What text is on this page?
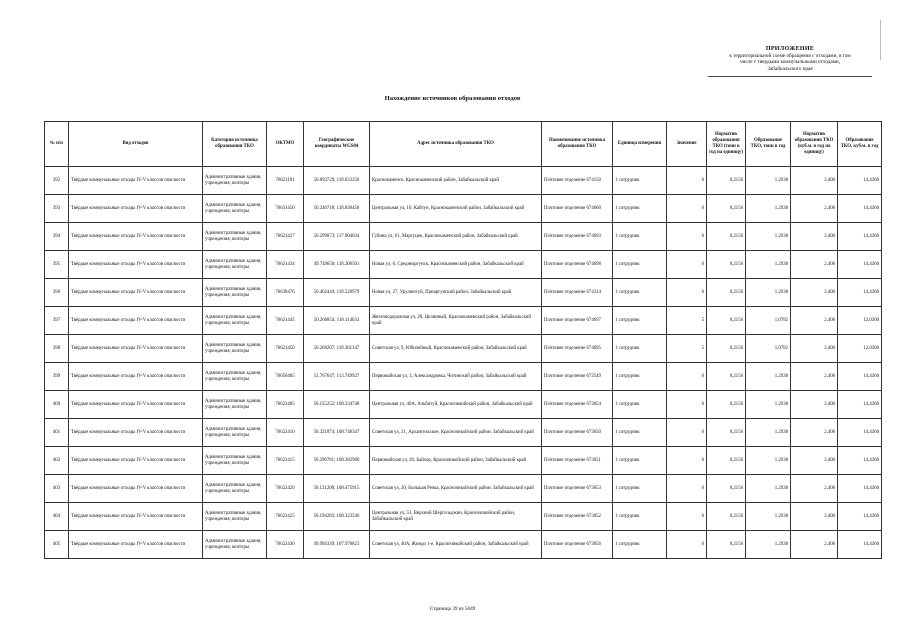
ПРИЛОЖЕНИЕ
к территориальной схеме обращения с отходами, в том
числе с твердыми коммунальными отходами,
Забайкальского края
Нахождение источников образования отходов
№ п/п	Вид отходов	Категория источника образования ТКО	ОКТМО	Географические координаты WGS84	Адрес источника образования ТКО	Наименование источника образования ТКО	Единица измерения	Значение	Норматив образования ТКО (тонн в год на единицу)	Образование ТКО, тонн в год	Норматив образования ТКО (куб.м. в год на единицу)	Образование ТКО, куб.м. в год
392	Твёрдые коммунальные отходы IV-V классов опасности	Административные здания, учреждения, конторы	76621101	50.093729; 118.033256	Краснокаменск, Краснокаменский район, Забайкальский край	Почтовое отделение 674150	1 сотрудник	6	0,2156	1,2938	2,406	14,4360
393	Твёрдые коммунальные отходы IV-V классов опасности	Административные здания, учреждения, конторы	76631450	50.240718; 118.030456	Центральная ул, 10, Кайтун, Краснокаменский район, Забайкальский край	Почтовое отделение 674660	1 сотрудник	6	0,2156	1,2938	2,406	14,4360
394	Твёрдые коммунальные отходы IV-V классов опасности	Административные здания, учреждения, конторы	76621427	50.299873; 117.904034	Губина ул, 61, Маргуцек, Краснокаменский район, Забайкальский край	Почтовое отделение 674693	1 сотрудник	6	0,2156	1,2938	2,406	14,4360
395	Твёрдые коммунальные отходы IV-V классов опасности	Административные здания, учреждения, конторы	76621434	49.749650; 118.206501	Новая ул, 6, Среднеаргунск, Краснокаменский район, Забайкальский край	Почтовое отделение 674698	1 сотрудник	6	0,2156	1,2938	2,406	14,4360
396	Твёрдые коммунальные отходы IV-V классов опасности	Административные здания, учреждения, конторы	76638476	50.462444; 118.520979	Новая ул, 27, Урулюнгуй, Приаргунский район, Забайкальский край	Почтовое отделение 674314	1 сотрудник	6	0,2156	1,2938	2,406	14,4360
397	Твёрдые коммунальные отходы IV-V классов опасности	Административные здания, учреждения, конторы	76621445	50.266854; 118.114033	Железнодорожная ул, 20, Целинный, Краснокаменский район, Забайкальский край	Почтовое отделение 674697	1 сотрудник	5	0,2156	1,0782	2,406	12,0300
398	Твёрдые коммунальные отходы IV-V классов опасности	Административные здания, учреждения, конторы	76621450	50.268207; 118.361347	Советская ул, 9, Юбилейный, Краснокаменский район, Забайкальский край	Почтовое отделение 674695	1 сотрудник	5	0,2156	1,0782	2,406	12,0300
399	Твёрдые коммунальные отходы IV-V классов опасности	Административные здания, учреждения, конторы	76656405	51.767647; 113.749927	Первомайская ул, 3, Александровка, Читинский район, Забайкальский край	Почтовое отделение 672549	1 сотрудник	6	0,2156	1,2938	2,406	14,4360
400	Твёрдые коммунальные отходы IV-V классов опасности	Административные здания, учреждения, конторы	76622405	50.155252; 108.234748	Центральная ул, 40А, Альбитуй, Красночикойский район, Забайкальский край	Почтовое отделение 673054	1 сотрудник	6	0,2156	1,2938	2,406	14,4360
401	Твёрдые коммунальные отходы IV-V классов опасности	Административные здания, учреждения, конторы	76622410	50.321874; 108.746347	Советская ул, 21, Архангельское, Красночикойский район, Забайкальский край	Почтовое отделение 673050	1 сотрудник	6	0,2156	1,2938	2,406	14,4360
402	Твёрдые коммунальные отходы IV-V классов опасности	Административные здания, учреждения, конторы	76622415	50.296781; 108.382980	Первомайская ул, 26, Байхор, Красночикойский район, Забайкальский край	Почтовое отделение 673051	1 сотрудник	6	0,2156	1,2938	2,406	14,4360
403	Твёрдые коммунальные отходы IV-V классов опасности	Административные здания, учреждения, конторы	76622420	50.131208; 108.475915	Советская ул, 20, Большая Речка, Красночикойский район, Забайкальский край	Почтовое отделение 673053	1 сотрудник	6	0,2156	1,2938	2,406	14,4360
404	Твёрдые коммунальные отходы IV-V классов опасности	Административные здания, учреждения, конторы	76622425	50.194283; 108.323546	Центральная ул, 53, Верхний Шергольджин, Красночикойский район, Забайкальский край	Почтовое отделение 673052	1 сотрудник	6	0,2156	1,2938	2,406	14,4360
405	Твёрдые коммунальные отходы IV-V классов опасности	Административные здания, учреждения, конторы	76622430	49.994339; 107.976823	Советская ул, 40А, Жиндо 1-е, Красночикойский район, Забайкальский край	Почтовое отделение 673056	1 сотрудник	6	0,2156	1,2938	2,406	14,4360
Страница 39 из 5049
